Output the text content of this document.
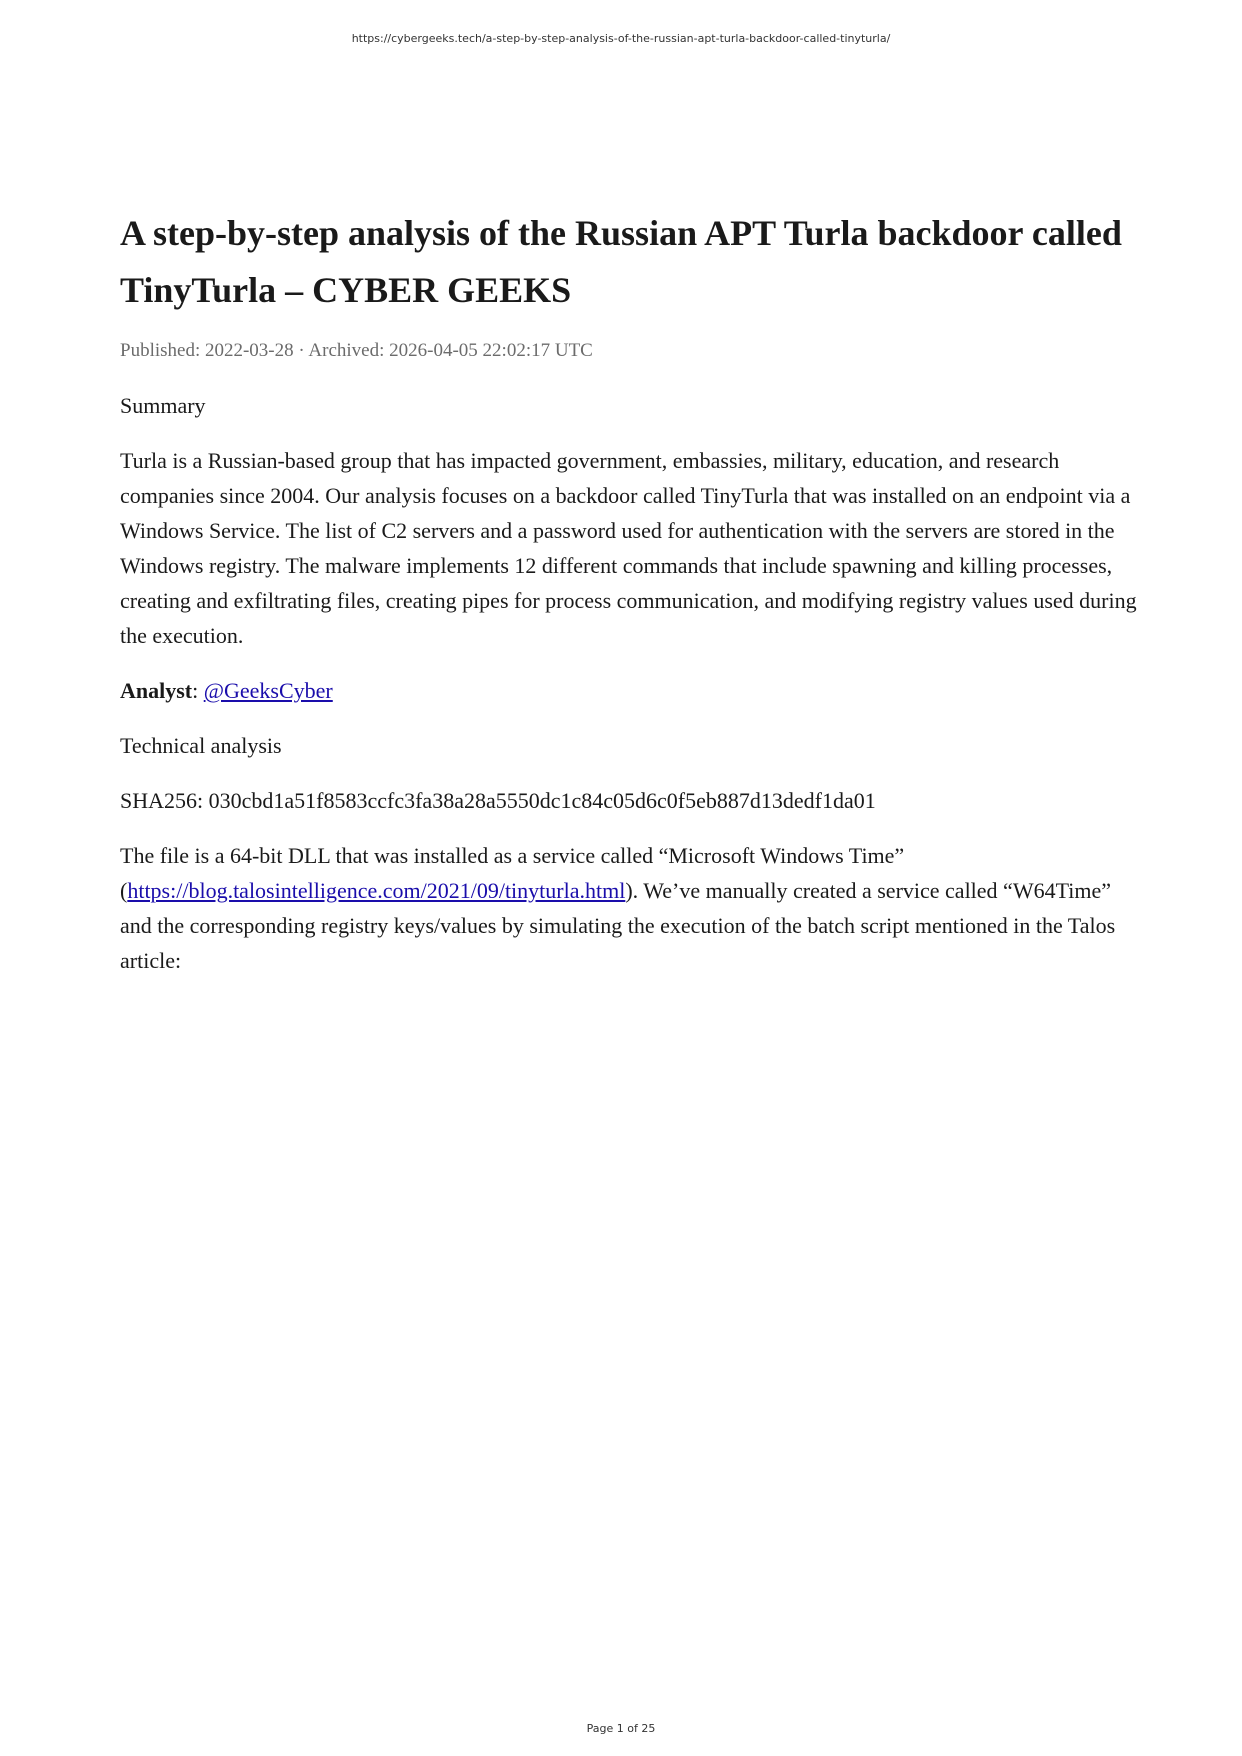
https://cybergeeks.tech/a-step-by-step-analysis-of-the-russian-apt-turla-backdoor-called-tinyturla/
A step-by-step analysis of the Russian APT Turla backdoor called TinyTurla – CYBER GEEKS
Published: 2022-03-28 · Archived: 2026-04-05 22:02:17 UTC

Summary

Turla is a Russian-based group that has impacted government, embassies, military, education, and research companies since 2004. Our analysis focuses on a backdoor called TinyTurla that was installed on an endpoint via a Windows Service. The list of C2 servers and a password used for authentication with the servers are stored in the Windows registry. The malware implements 12 different commands that include spawning and killing processes, creating and exfiltrating files, creating pipes for process communication, and modifying registry values used during the execution.

Analyst: @GeeksCyber

Technical analysis

SHA256: 030cbd1a51f8583ccfc3fa38a28a5550dc1c84c05d6c0f5eb887d13dedf1da01

The file is a 64-bit DLL that was installed as a service called “Microsoft Windows Time” (https://blog.talosintelligence.com/2021/09/tinyturla.html). We’ve manually created a service called “W64Time” and the corresponding registry keys/values by simulating the execution of the batch script mentioned in the Talos article:

Page 1 of 25
